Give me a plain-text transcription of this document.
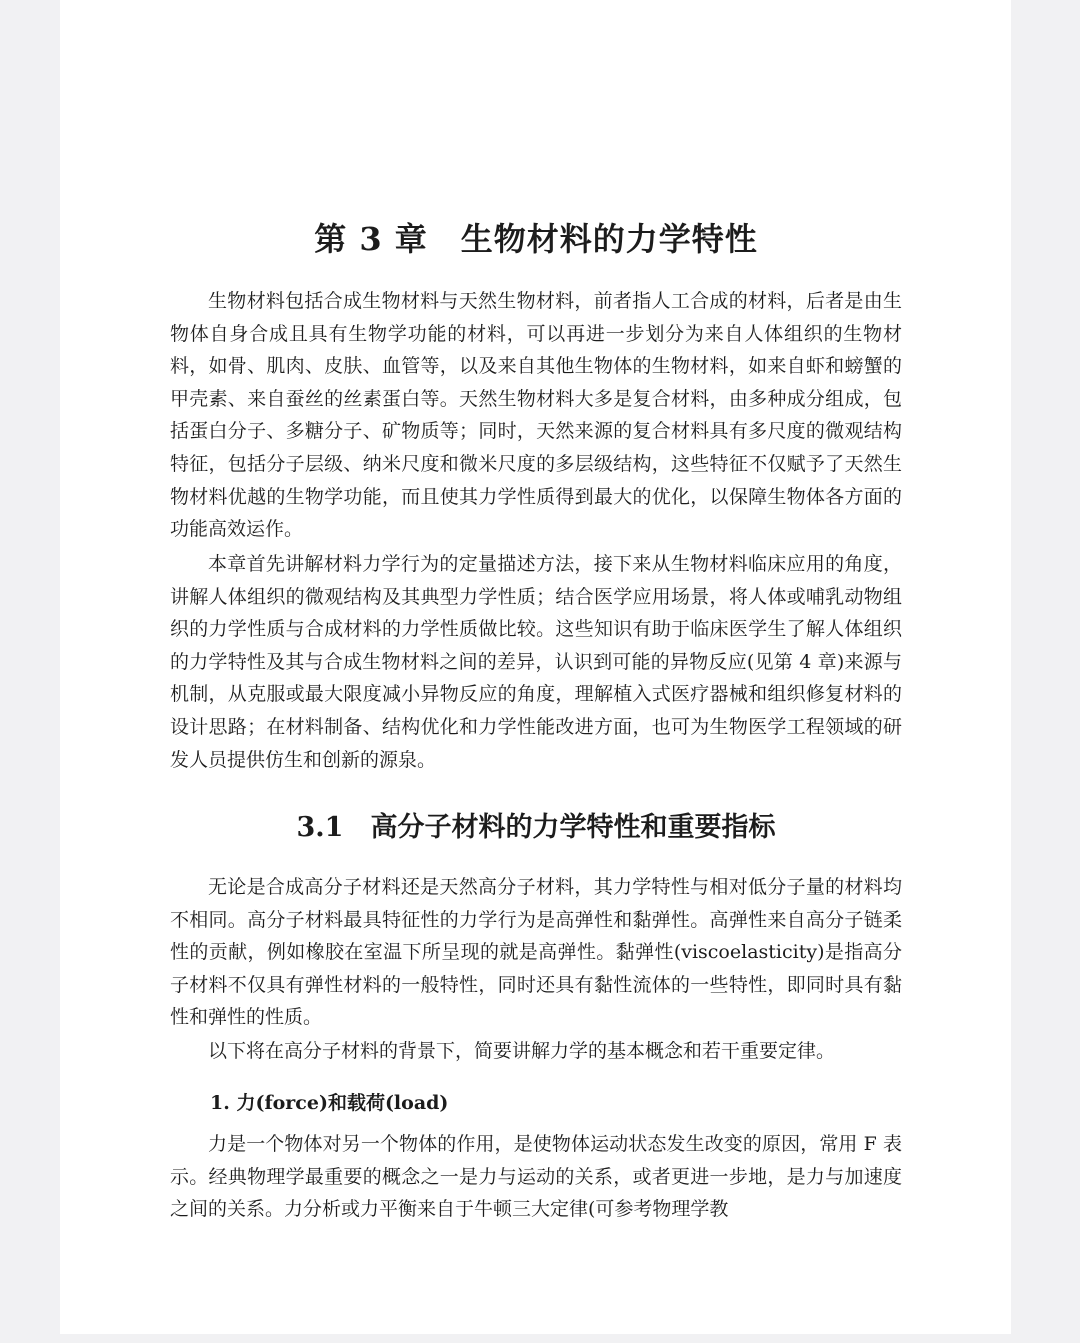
第 3 章　生物材料的力学特性

生物材料包括合成生物材料与天然生物材料，前者指人工合成的材料，后者是由生物体自身合成且具有生物学功能的材料，可以再进一步划分为来自人体组织的生物材料，如骨、肌肉、皮肤、血管等，以及来自其他生物体的生物材料，如来自虾和螃蟹的甲壳素、来自蚕丝的丝素蛋白等。天然生物材料大多是复合材料，由多种成分组成，包括蛋白分子、多糖分子、矿物质等；同时，天然来源的复合材料具有多尺度的微观结构特征，包括分子层级、纳米尺度和微米尺度的多层级结构，这些特征不仅赋予了天然生物材料优越的生物学功能，而且使其力学性质得到最大的优化，以保障生物体各方面的功能高效运作。

本章首先讲解材料力学行为的定量描述方法，接下来从生物材料临床应用的角度，讲解人体组织的微观结构及其典型力学性质；结合医学应用场景，将人体或哺乳动物组织的力学性质与合成材料的力学性质做比较。这些知识有助于临床医学生了解人体组织的力学特性及其与合成生物材料之间的差异，认识到可能的异物反应(见第 4 章)来源与机制，从克服或最大限度减小异物反应的角度，理解植入式医疗器械和组织修复材料的设计思路；在材料制备、结构优化和力学性能改进方面，也可为生物医学工程领域的研发人员提供仿生和创新的源泉。

3.1　高分子材料的力学特性和重要指标

无论是合成高分子材料还是天然高分子材料，其力学特性与相对低分子量的材料均不相同。高分子材料最具特征性的力学行为是高弹性和黏弹性。高弹性来自高分子链柔性的贡献，例如橡胶在室温下所呈现的就是高弹性。黏弹性(viscoelasticity)是指高分子材料不仅具有弹性材料的一般特性，同时还具有黏性流体的一些特性，即同时具有黏性和弹性的性质。

以下将在高分子材料的背景下，简要讲解力学的基本概念和若干重要定律。

1. 力(force)和载荷(load)

力是一个物体对另一个物体的作用，是使物体运动状态发生改变的原因，常用 F 表示。经典物理学最重要的概念之一是力与运动的关系，或者更进一步地，是力与加速度之间的关系。力分析或力平衡来自于牛顿三大定律(可参考物理学教
